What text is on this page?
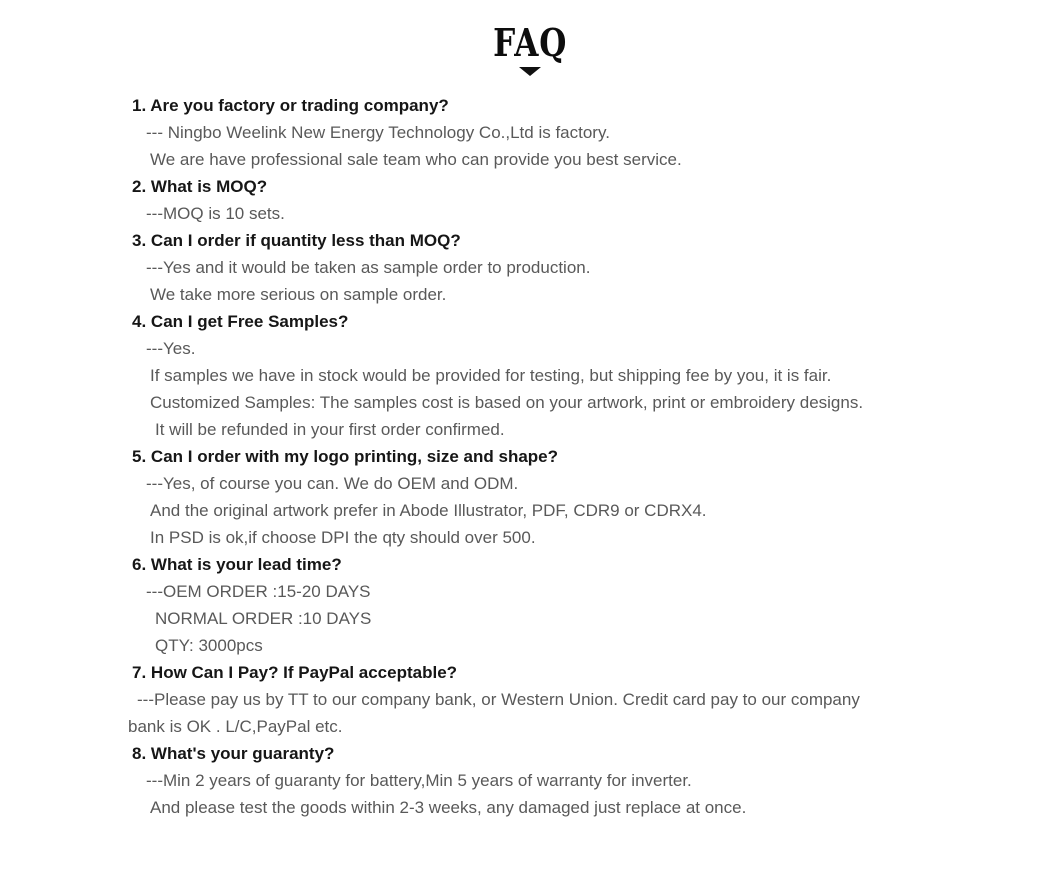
FAQ
1. Are you factory or trading company?
--- Ningbo Weelink New Energy Technology Co.,Ltd is factory.
We are have professional sale team who can provide you best service.
2. What is MOQ?
---MOQ is 10 sets.
3. Can I order if quantity less than MOQ?
---Yes and it would be taken as sample order to production.
We take more serious on sample order.
4. Can I get Free Samples?
---Yes.
If samples we have in stock would be provided for testing, but shipping fee by you, it is fair.
Customized Samples: The samples cost is based on your artwork, print or embroidery designs.
It will be refunded in your first order confirmed.
5. Can I order with my logo printing, size and shape?
---Yes, of course you can. We do OEM and ODM.
And the original artwork prefer in Abode Illustrator, PDF, CDR9 or CDRX4.
In PSD is ok,if choose DPI the qty should over 500.
6. What is your lead time?
---OEM ORDER :15-20 DAYS
NORMAL ORDER :10 DAYS
QTY: 3000pcs
7. How Can I Pay? If PayPal acceptable?
---Please pay us by TT to our company bank, or Western Union. Credit card pay to our company
bank is OK . L/C,PayPal etc.
8. What's your guaranty?
---Min 2 years of guaranty for battery,Min 5 years of warranty for inverter.
And please test the goods within 2-3 weeks, any damaged just replace at once.
